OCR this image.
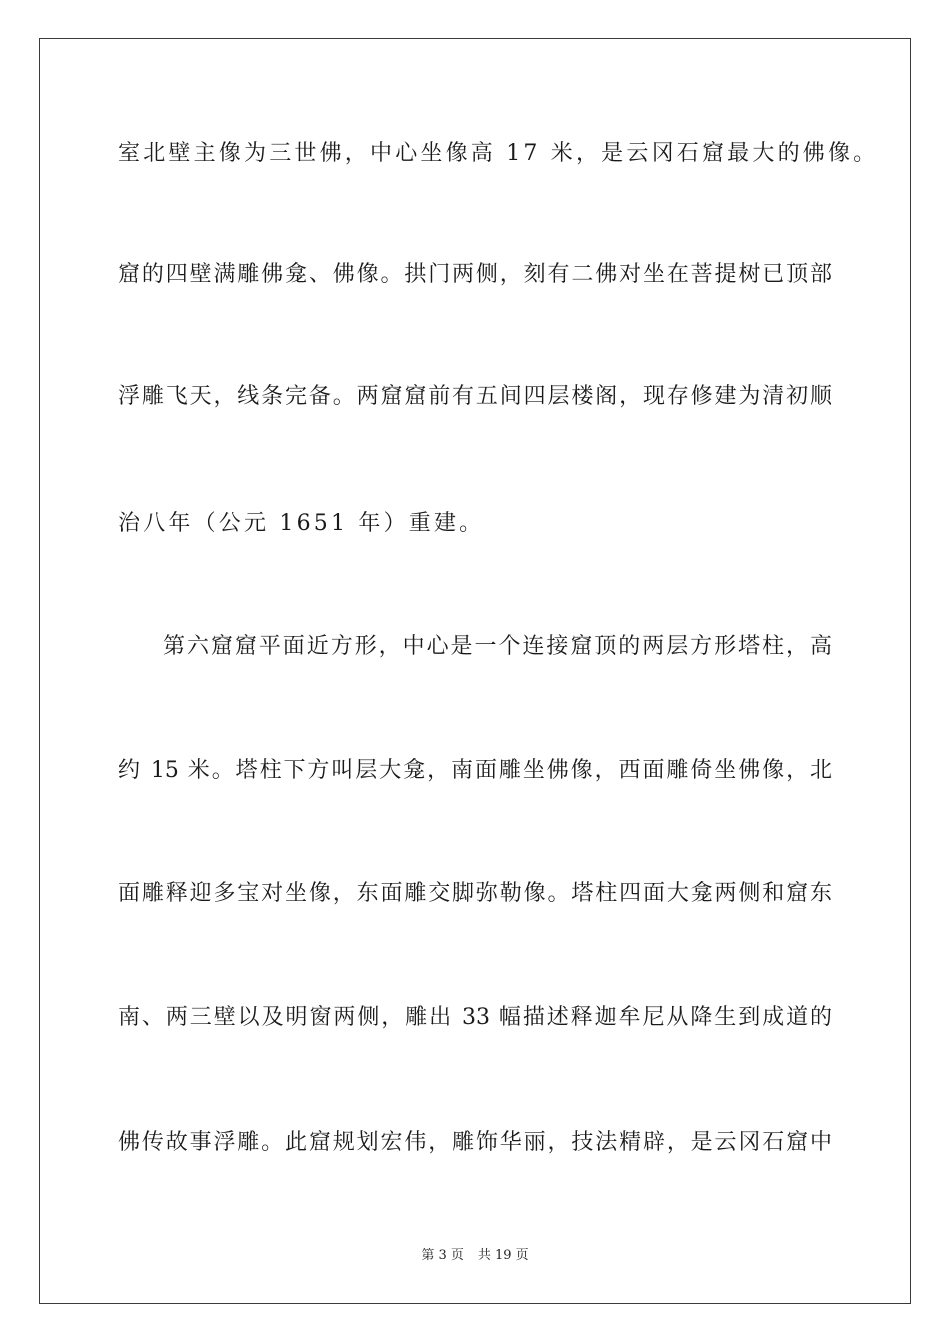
室北壁主像为三世佛，中心坐像高 17 米，是云冈石窟最大的佛像。
窟的四壁满雕佛龛、佛像。拱门两侧，刻有二佛对坐在菩提树已顶部
浮雕飞天，线条完备。两窟窟前有五间四层楼阁，现存修建为清初顺
治八年（公元 1651 年）重建。
第六窟窟平面近方形，中心是一个连接窟顶的两层方形塔柱，高
约 15 米。塔柱下方叫层大龛，南面雕坐佛像，西面雕倚坐佛像，北
面雕释迎多宝对坐像，东面雕交脚弥勒像。塔柱四面大龛两侧和窟东
南、两三壁以及明窗两侧，雕出 33 幅描述释迦牟尼从降生到成道的
佛传故事浮雕。此窟规划宏伟，雕饰华丽，技法精辟，是云冈石窟中
第 3 页 共 19 页
